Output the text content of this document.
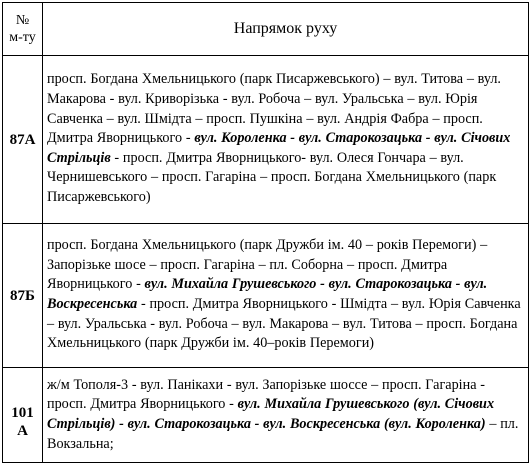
№
м-ту	Напрямок руху

87А	просп. Богдана Хмельницького (парк Писаржевського) – вул. Титова – вул. Макарова - вул. Криворізька - вул. Робоча – вул. Уральська – вул. Юрія Савченка – вул. Шмідта – просп. Пушкіна – вул. Андрія Фабра – просп. Дмитра Яворницького - вул. Короленка - вул. Старокозацька - вул. Січових Стрільців - просп. Дмитра Яворницького- вул. Олеся Гончара – вул. Чернишевського – просп. Гагаріна – просп. Богдана Хмельницького (парк Писаржевського)

87Б	просп. Богдана Хмельницького (парк Дружби ім. 40 – років Перемоги) – Запорізьке шосе – просп. Гагаріна – пл. Соборна – просп. Дмитра Яворницького - вул. Михайла Грушевського - вул. Старокозацька - вул. Воскресенська - просп. Дмитра Яворницького - Шмідта – вул. Юрія Савченка – вул. Уральська - вул. Робоча – вул. Макарова – вул. Титова – просп. Богдана Хмельницького (парк Дружби ім. 40–років Перемоги)

101
А	ж/м Тополя-3 - вул. Панікахи - вул. Запорізьке шоссе – просп. Гагаріна - просп. Дмитра Яворницького - вул. Михайла Грушевського (вул. Січових Стрільців) - вул. Старокозацька - вул. Воскресенська (вул. Короленка) – пл. Вокзальна;
